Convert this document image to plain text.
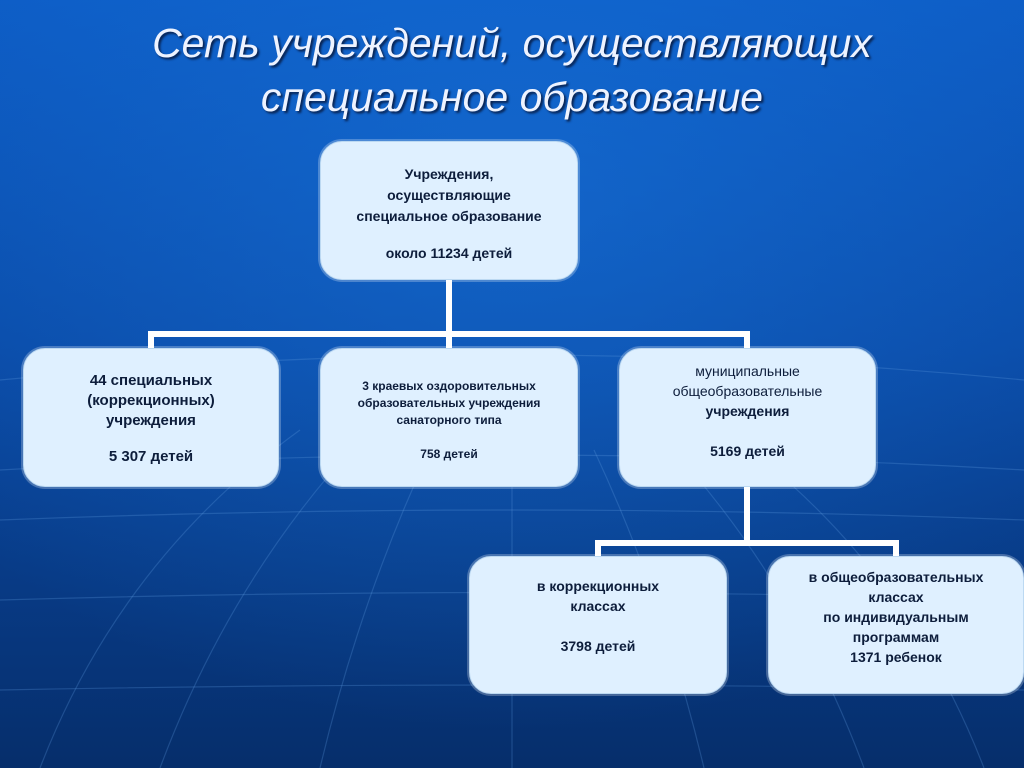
Сеть учреждений, осуществляющих
специальное образование
Учреждения,
осуществляющие
специальное образование
около 11234 детей
44 специальных
(коррекционных)
учреждения
5 307 детей
3 краевых оздоровительных
образовательных учреждения
санаторного типа
758 детей
муниципальные
общеобразовательные
учреждения
5169 детей
в коррекционных
классах
3798 детей
в общеобразовательных
классах
по индивидуальным
программам
1371 ребенок
